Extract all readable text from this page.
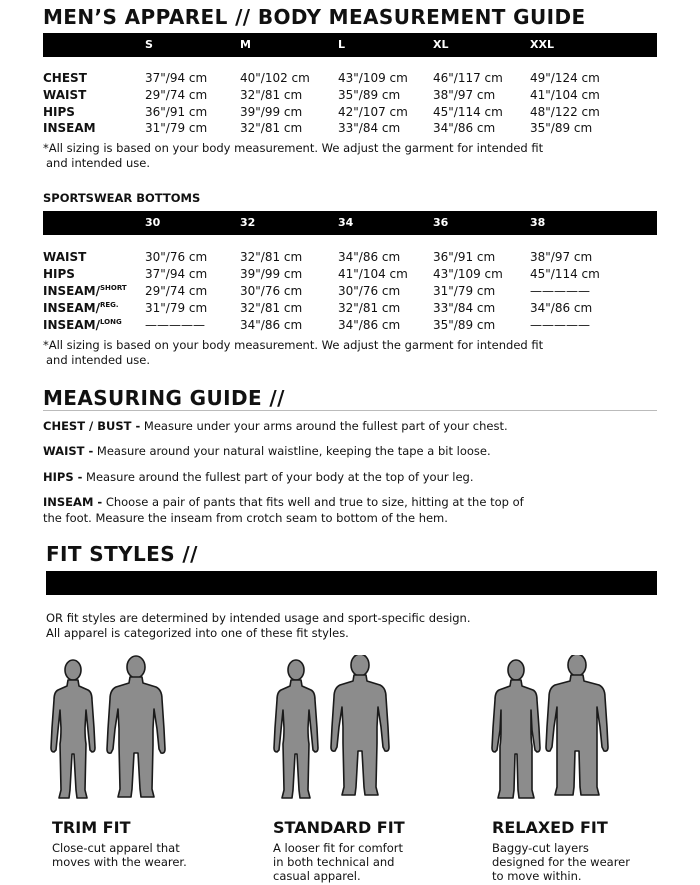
MEN’S APPAREL // BODY MEASUREMENT GUIDE
S	M	L	XL	XXL
CHEST	37"/94 cm	40"/102 cm 43"/109 cm 46"/117 cm 49"/124 cm
WAIST	29"/74 cm	32"/81 cm	35"/89 cm	38"/97 cm	41"/104 cm
HIPS	36"/91 cm	39"/99 cm	42"/107 cm 45"/114 cm 48"/122 cm
INSEAM	31"/79 cm	32"/81 cm	33"/84 cm	34"/86 cm	35"/89 cm
*All sizing is based on your body measurement. We adjust the garment for intended fit
and intended use.
SPORTSWEAR BOTTOMS
30	32	34	36	38
WAIST	30"/76 cm	32"/81 cm	34"/86 cm	36"/91 cm	38"/97 cm
HIPS	37"/94 cm	39"/99 cm	41"/104 cm 43"/109 cm 45"/114 cm
INSEAM/$^{SHORT}$ 29"/74 cm	30"/76 cm	30"/76 cm	31"/79 cm	—————
INSEAM/$^{REG.}$ 31"/79 cm	32"/81 cm	32"/81 cm	33"/84 cm	34"/86 cm
INSEAM/$^{LONG}$ —————	34"/86 cm	34"/86 cm	35"/89 cm	—————
*All sizing is based on your body measurement. We adjust the garment for intended fit
and intended use.
MEASURING GUIDE //
CHEST / BUST - Measure under your arms around the fullest part of your chest.
WAIST - Measure around your natural waistline, keeping the tape a bit loose.
HIPS - Measure around the fullest part of your body at the top of your leg.
INSEAM - Choose a pair of pants that fits well and true to size, hitting at the top of
the foot. Measure the inseam from crotch seam to bottom of the hem.
FIT STYLES //
OR fit styles are determined by intended usage and sport-specific design.
All apparel is categorized into one of these fit styles.
TRIM FIT
Close-cut apparel that
moves with the wearer.
STANDARD FIT
A looser fit for comfort
in both technical and
casual apparel.
RELAXED FIT
Baggy-cut layers
designed for the wearer
to move within.
